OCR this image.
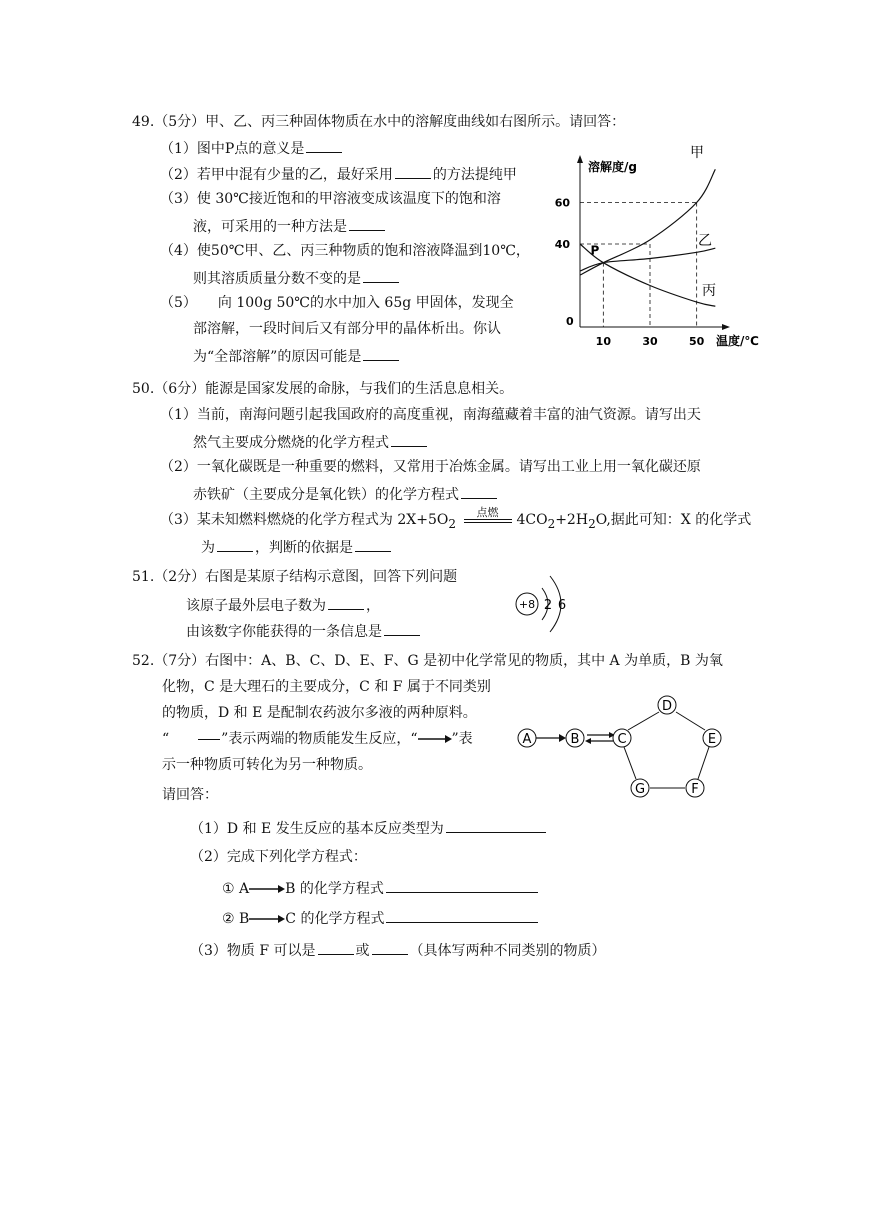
49.（5分）甲、乙、丙三种固体物质在水中的溶解度曲线如右图所示。请回答：
（1）图中P点的意义是
（2）若甲中混有少量的乙，最好采用	的方法提纯甲
（3）使 30℃接近饱和的甲溶液变成该温度下的饱和溶
液，可采用的一种方法是
（4）使50℃甲、乙、丙三种物质的饱和溶液降温到10℃，
则其溶质质量分数不变的是
（5）　　向 100g 50℃的水中加入 65g 甲固体，发现全
部溶解，一段时间后又有部分甲的晶体析出。你认
为“全部溶解”的原因可能是
溶解度/g
温度/℃
0
10	30	50
40
60
甲
乙
丙
P
50.（6分）能源是国家发展的命脉，与我们的生活息息相关。
（1）当前，南海问题引起我国政府的高度重视，南海蕴藏着丰富的油气资源。请写出天
然气主要成分燃烧的化学方程式
（2）一氧化碳既是一种重要的燃料，又常用于冶炼金属。请写出工业上用一氧化碳还原
赤铁矿（主要成分是氧化铁）的化学方程式
（3）某未知燃料燃烧的化学方程式为 $2X+5O_2$
点燃 $4CO_2+2H_2O$,据此可知：X 的化学式
为	，判断的依据是
51.（2分）右图是某原子结构示意图，回答下列问题
该原子最外层电子数为	，
由该数字你能获得的一条信息是
+8 2 6
52.（7分）右图中：A、B、C、D、E、F、G 是初中化学常见的物质，其中 A 为单质，B 为氧
化物，C 是大理石的主要成分，C 和 F 属于不同类别
的物质，D 和 E 是配制农药波尔多液的两种原料。
“　　”表示两端的物质能发生反应，“ ”表
示一种物质可转化为另一种物质。
请回答：
（1）D 和 E 发生反应的基本反应类型为
（2）完成下列化学方程式：
① A	B 的化学方程式
② B	C 的化学方程式
（3）物质 F 可以是	或	（具体写两种不同类别的物质）
A	B	C
D
E
F
G
